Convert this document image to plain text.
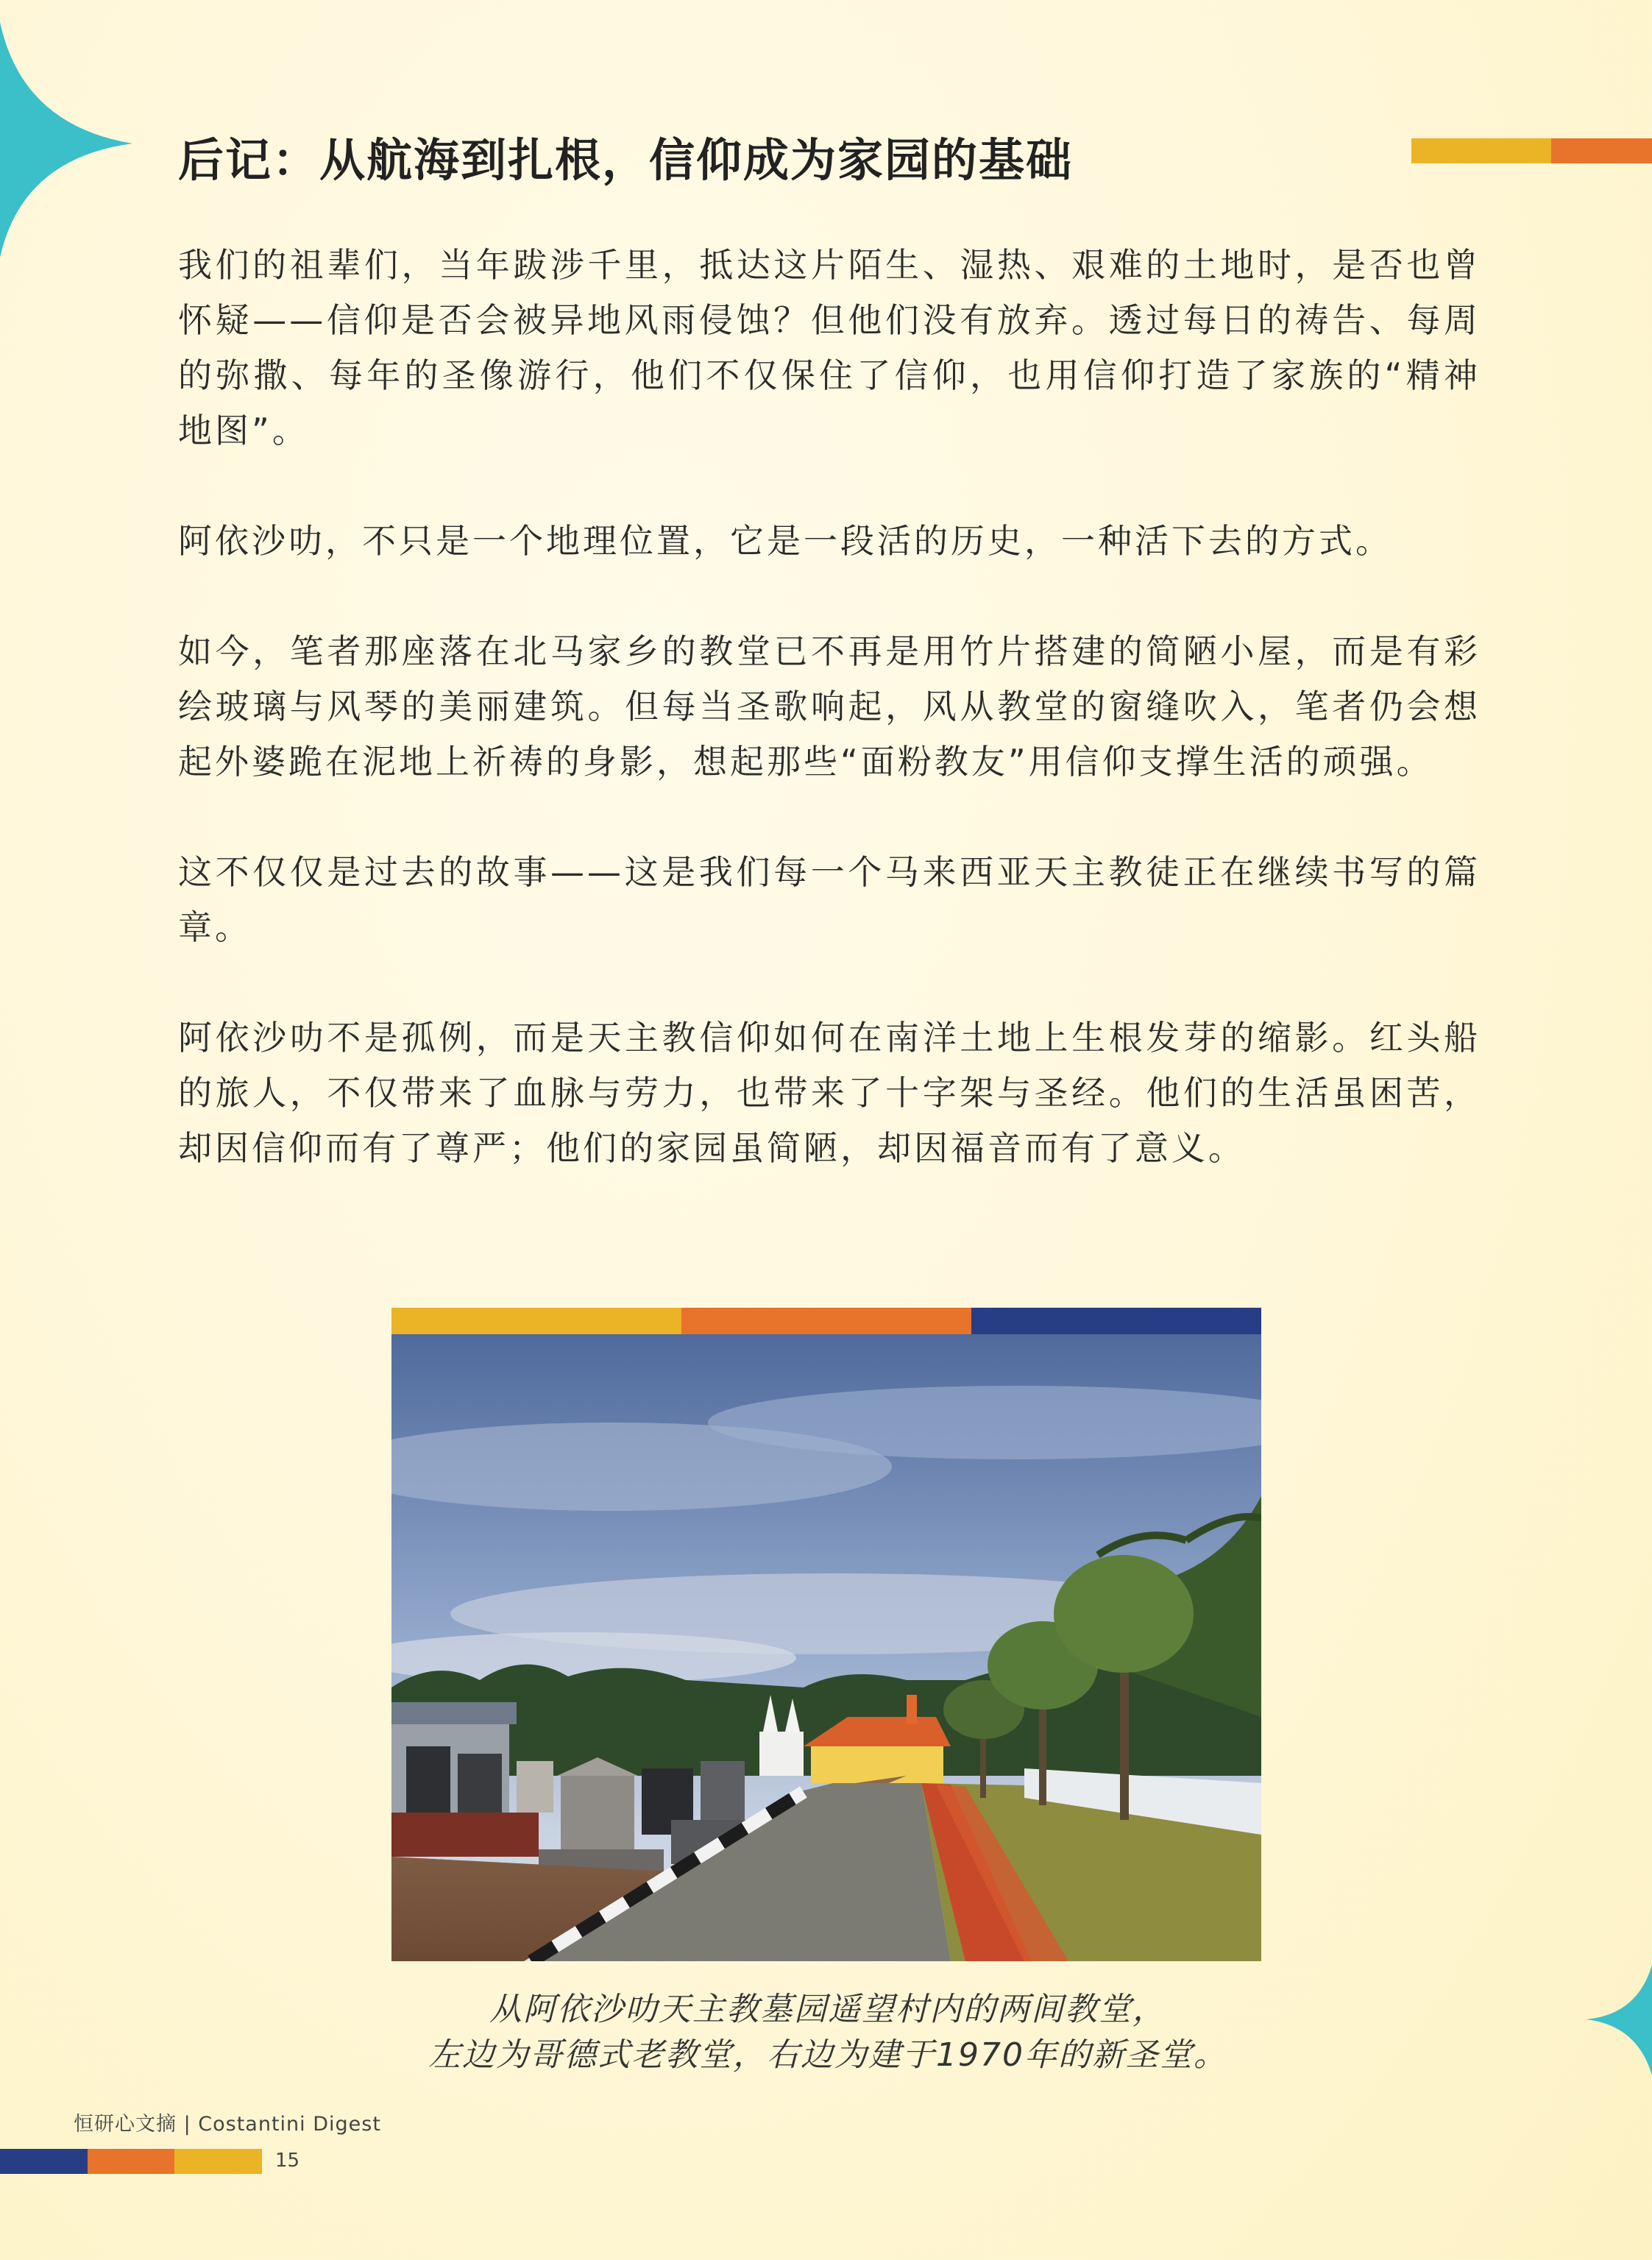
后记：从航海到扎根，信仰成为家园的基础

我们的祖辈们，当年跋涉千里，抵达这片陌生、湿热、艰难的土地时，是否也曾怀疑——信仰是否会被异地风雨侵蚀？但他们没有放弃。透过每日的祷告、每周的弥撒、每年的圣像游行，他们不仅保住了信仰，也用信仰打造了家族的“精神地图”。

阿依沙叻，不只是一个地理位置，它是一段活的历史，一种活下去的方式。

如今，笔者那座落在北马家乡的教堂已不再是用竹片搭建的简陋小屋，而是有彩绘玻璃与风琴的美丽建筑。但每当圣歌响起，风从教堂的窗缝吹入，笔者仍会想起外婆跪在泥地上祈祷的身影，想起那些“面粉教友”用信仰支撑生活的顽强。

这不仅仅是过去的故事——这是我们每一个马来西亚天主教徒正在继续书写的篇章。

阿依沙叻不是孤例，而是天主教信仰如何在南洋土地上生根发芽的缩影。红头船的旅人，不仅带来了血脉与劳力，也带来了十字架与圣经。他们的生活虽困苦，却因信仰而有了尊严；他们的家园虽简陋，却因福音而有了意义。

从阿依沙叻天主教墓园遥望村内的两间教堂，
左边为哥德式老教堂，右边为建于1970年的新圣堂。
恒研心文摘 | Costantini Digest
15
